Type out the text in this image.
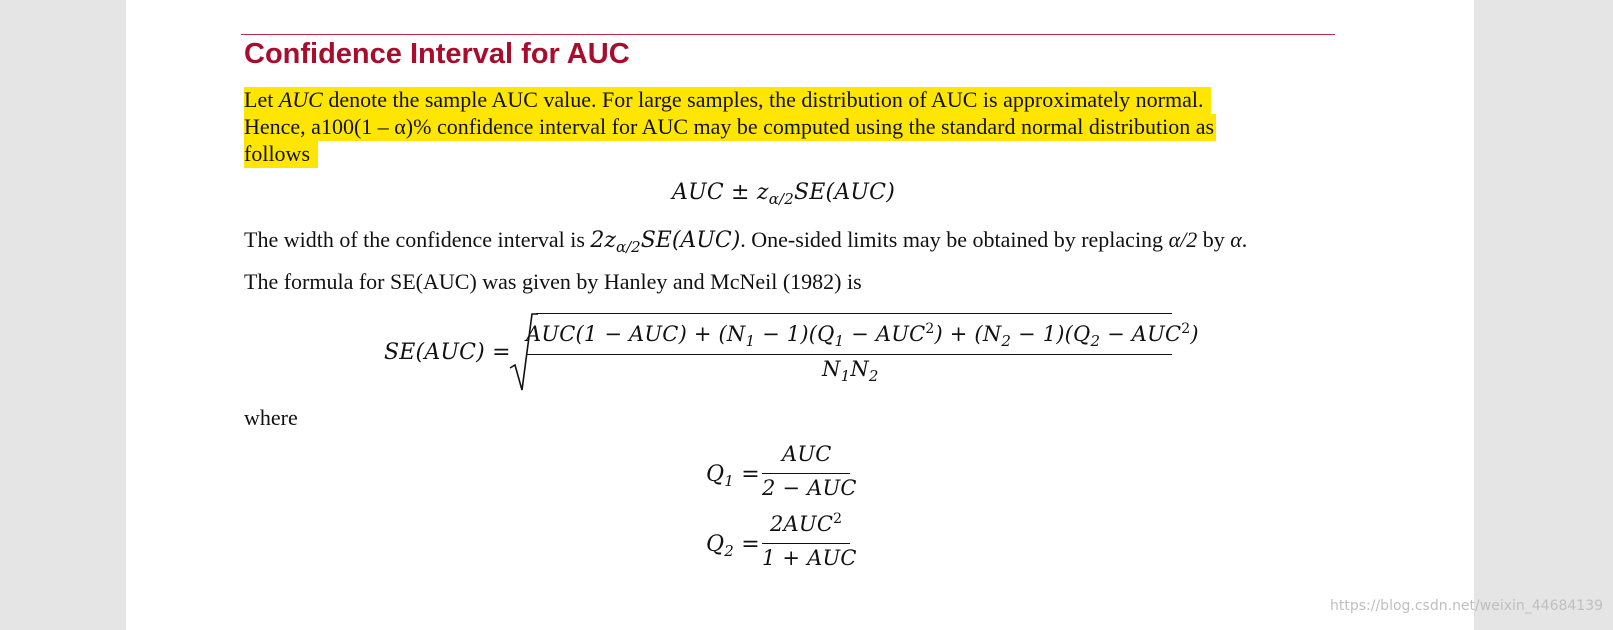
Confidence Interval for AUC
Let AUC denote the sample AUC value. For large samples, the distribution of AUC is approximately normal.
Hence, a100(1 – α)% confidence interval for AUC may be computed using the standard normal distribution as
follows
AUC ± $z_{\alpha/2}SE(AUC)$
The width of the confidence interval is $2z_{\alpha/2}SE(AUC)$. One-sided limits may be obtained by replacing α/2 by α.
The formula for SE(AUC) was given by Hanley and McNeil (1982) is
SE(AUC) =
$AUC(1 - AUC) + (N_1 - 1)(Q_1 - AUC^2) + (N_2 - 1)(Q_2 - AUC^2)$
$N_1N_2$
where
$Q_1$ =
AUC
2 − AUC
$Q_2$ =
$2AUC^2$
1 + AUC
https://blog.csdn.net/weixin_44684139
